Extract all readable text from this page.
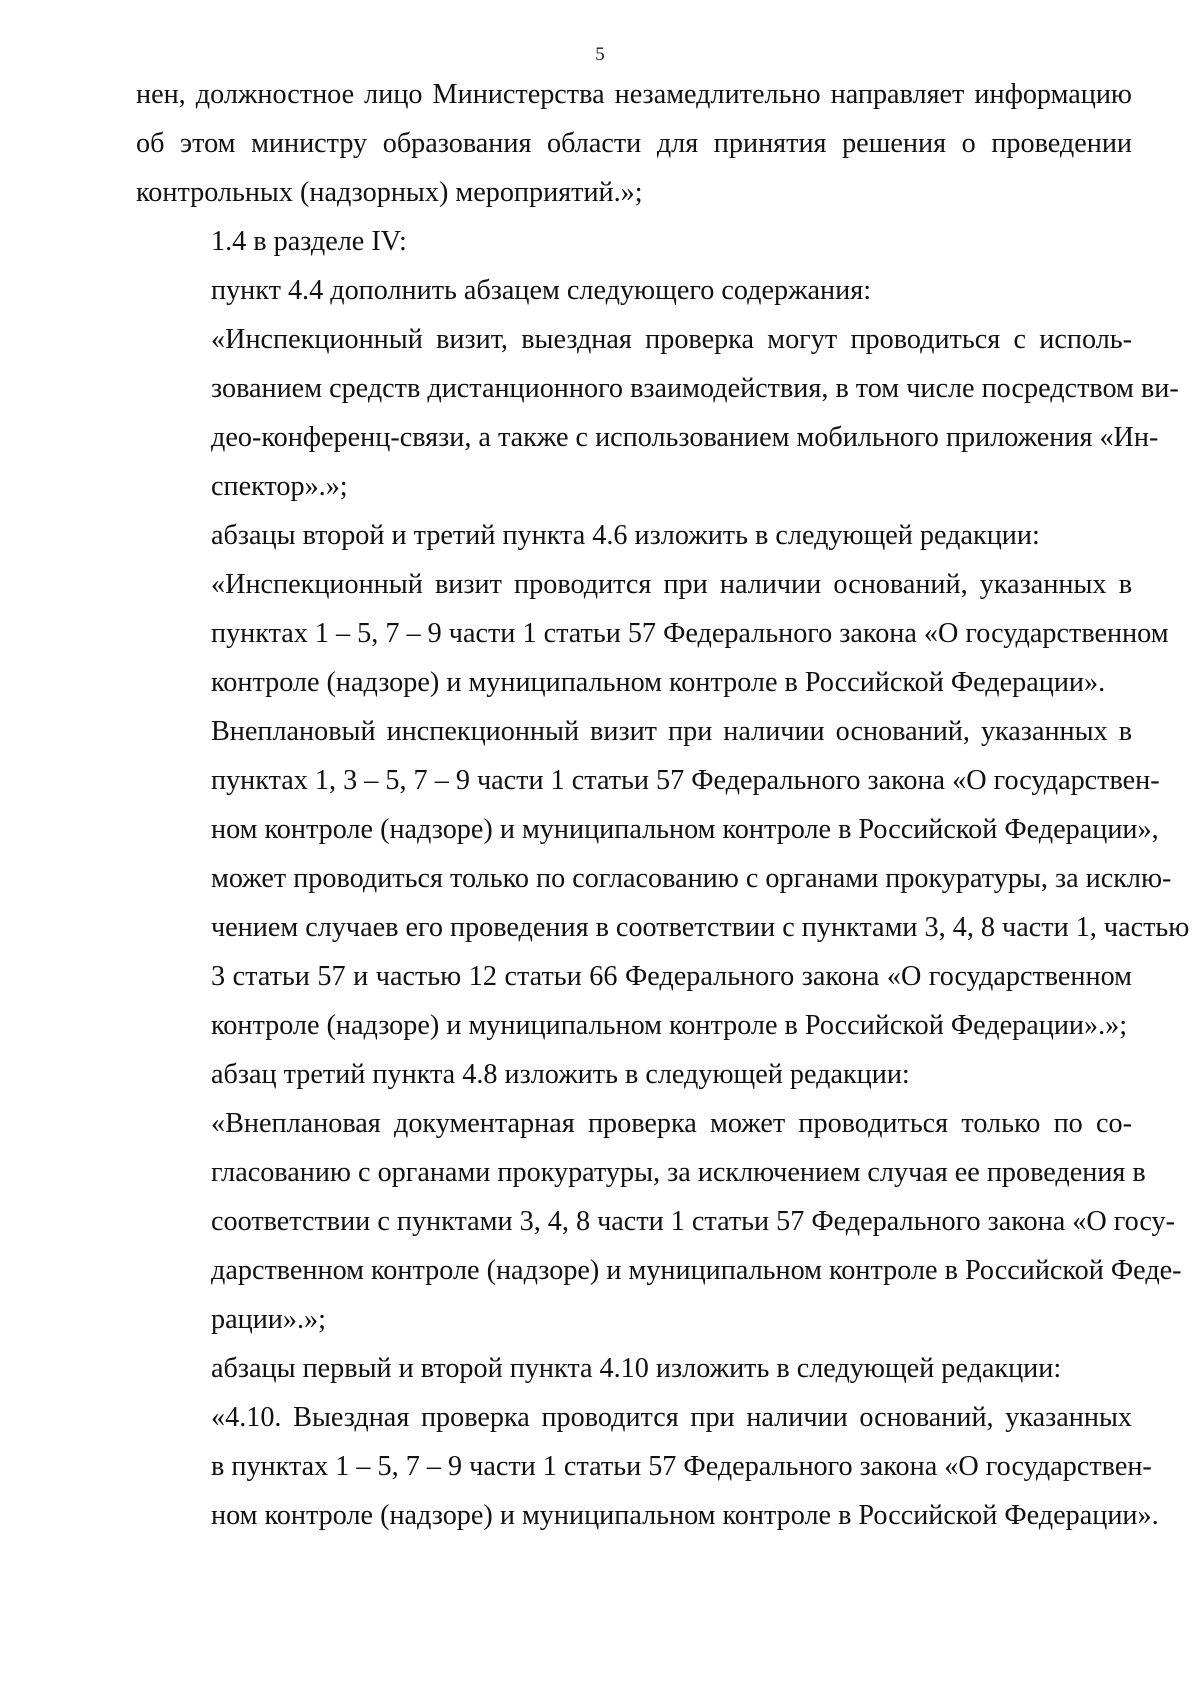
5

нен, должностное лицо Министерства незамедлительно направляет информацию
об этом министру образования области для принятия решения о проведении
контрольных (надзорных) мероприятий.»;

1.4 в разделе IV:

пункт 4.4 дополнить абзацем следующего содержания:

«Инспекционный визит, выездная проверка могут проводиться с исполь-
зованием средств дистанционного взаимодействия, в том числе посредством ви-
део-конференц-связи, а также с использованием мобильного приложения «Ин-
спектор».»;

абзацы второй и третий пункта 4.6 изложить в следующей редакции:

«Инспекционный визит проводится при наличии оснований, указанных в
пунктах 1 – 5, 7 – 9 части 1 статьи 57 Федерального закона «О государственном
контроле (надзоре) и муниципальном контроле в Российской Федерации».

Внеплановый инспекционный визит при наличии оснований, указанных в
пунктах 1, 3 – 5, 7 – 9 части 1 статьи 57 Федерального закона «О государствен-
ном контроле (надзоре) и муниципальном контроле в Российской Федерации»,
может проводиться только по согласованию с органами прокуратуры, за исклю-
чением случаев его проведения в соответствии с пунктами 3, 4, 8 части 1, частью
3 статьи 57 и частью 12 статьи 66 Федерального закона «О государственном
контроле (надзоре) и муниципальном контроле в Российской Федерации».»;

абзац третий пункта 4.8 изложить в следующей редакции:

«Внеплановая документарная проверка может проводиться только по со-
гласованию с органами прокуратуры, за исключением случая ее проведения в
соответствии с пунктами 3, 4, 8 части 1 статьи 57 Федерального закона «О госу-
дарственном контроле (надзоре) и муниципальном контроле в Российской Феде-
рации».»;

абзацы первый и второй пункта 4.10 изложить в следующей редакции:

«4.10. Выездная проверка проводится при наличии оснований, указанных
в пунктах 1 – 5, 7 – 9 части 1 статьи 57 Федерального закона «О государствен-
ном контроле (надзоре) и муниципальном контроле в Российской Федерации».
